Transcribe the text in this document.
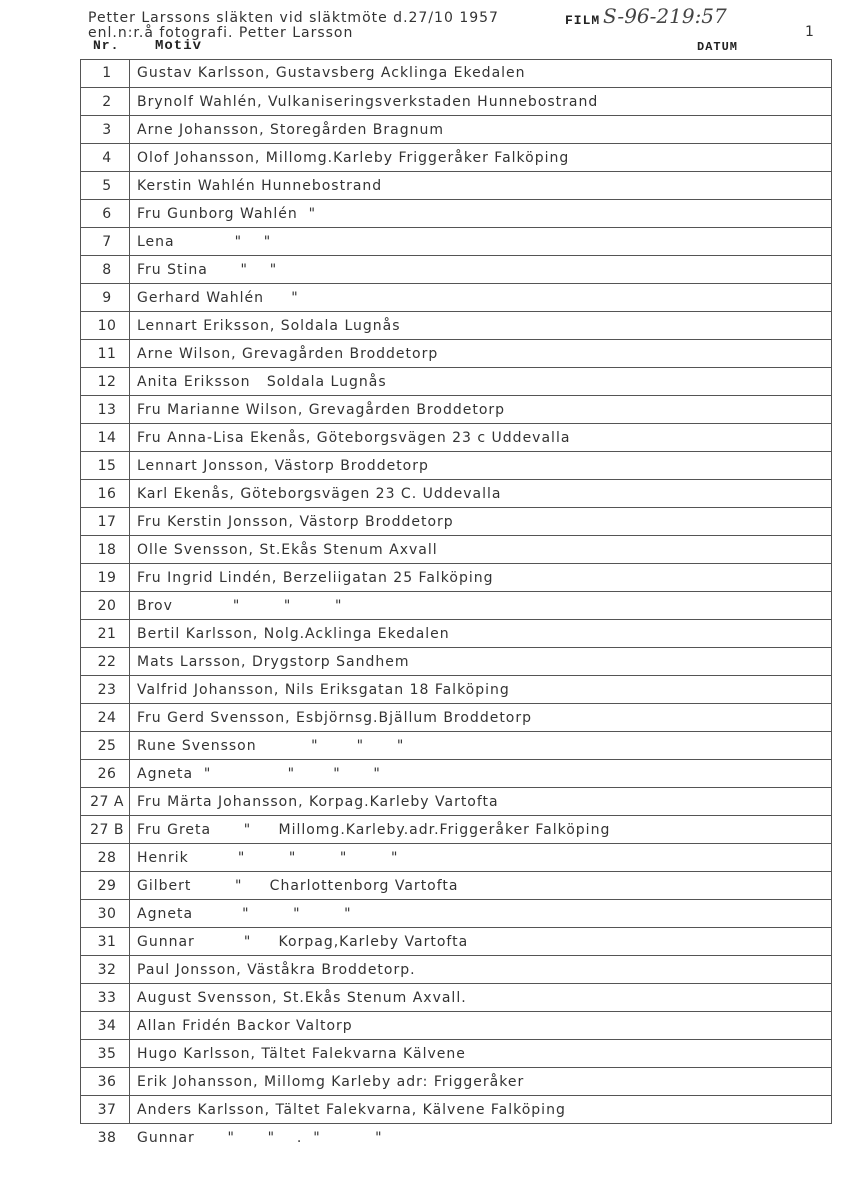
Petter Larssons släkten vid släktmöte d.27/10 1957
enl.n:r.å fotografi. Petter Larsson
Nr.	Motiv
FILM S-96-219:57
1
DATUM
1	Gustav Karlsson, Gustavsberg Acklinga Ekedalen
2	Brynolf Wahlén, Vulkaniseringsverkstaden Hunnebostrand
3	Arne Johansson, Storegården Bragnum
4	Olof Johansson, Millomg.Karleby Friggeråker Falköping
5	Kerstin Wahlén Hunnebostrand
6	Fru Gunborg Wahlén  "
7	Lena           "    "
8	Fru Stina      "    "
9	Gerhard Wahlén     "
10	Lennart Eriksson, Soldala Lugnås
11	Arne Wilson, Grevagården Broddetorp
12	Anita Eriksson   Soldala Lugnås
13	Fru Marianne Wilson, Grevagården Broddetorp
14	Fru Anna-Lisa Ekenås, Göteborgsvägen 23 c Uddevalla
15	Lennart Jonsson, Västorp Broddetorp
16	Karl Ekenås, Göteborgsvägen 23 C. Uddevalla
17	Fru Kerstin Jonsson, Västorp Broddetorp
18	Olle Svensson, St.Ekås Stenum Axvall
19	Fru Ingrid Lindén, Berzeliigatan 25 Falköping
20	Brov           "        "        "
21	Bertil Karlsson, Nolg.Acklinga Ekedalen
22	Mats Larsson, Drygstorp Sandhem
23	Valfrid Johansson, Nils Eriksgatan 18 Falköping
24	Fru Gerd Svensson, Esbjörnsg.Bjällum Broddetorp
25	Rune Svensson          "       "      "
26	Agneta  "              "       "      "
27 A Fru Märta Johansson, Korpag.Karleby Vartofta
27 B Fru Greta      "     Millomg.Karleby.adr.Friggeråker Falköping
28	Henrik         "        "        "        "
29	Gilbert        "     Charlottenborg Vartofta
30	Agneta         "        "        "
31	Gunnar         "     Korpag,Karleby Vartofta
32	Paul Jonsson, Väståkra Broddetorp.
33	August Svensson, St.Ekås Stenum Axvall.
34	Allan Fridén Backor Valtorp
35	Hugo Karlsson, Tältet Falekvarna Kälvene
36	Erik Johansson, Millomg Karleby adr: Friggeråker
37	Anders Karlsson, Tältet Falekvarna, Kälvene Falköping
38	Gunnar      "      "    .  "          "
